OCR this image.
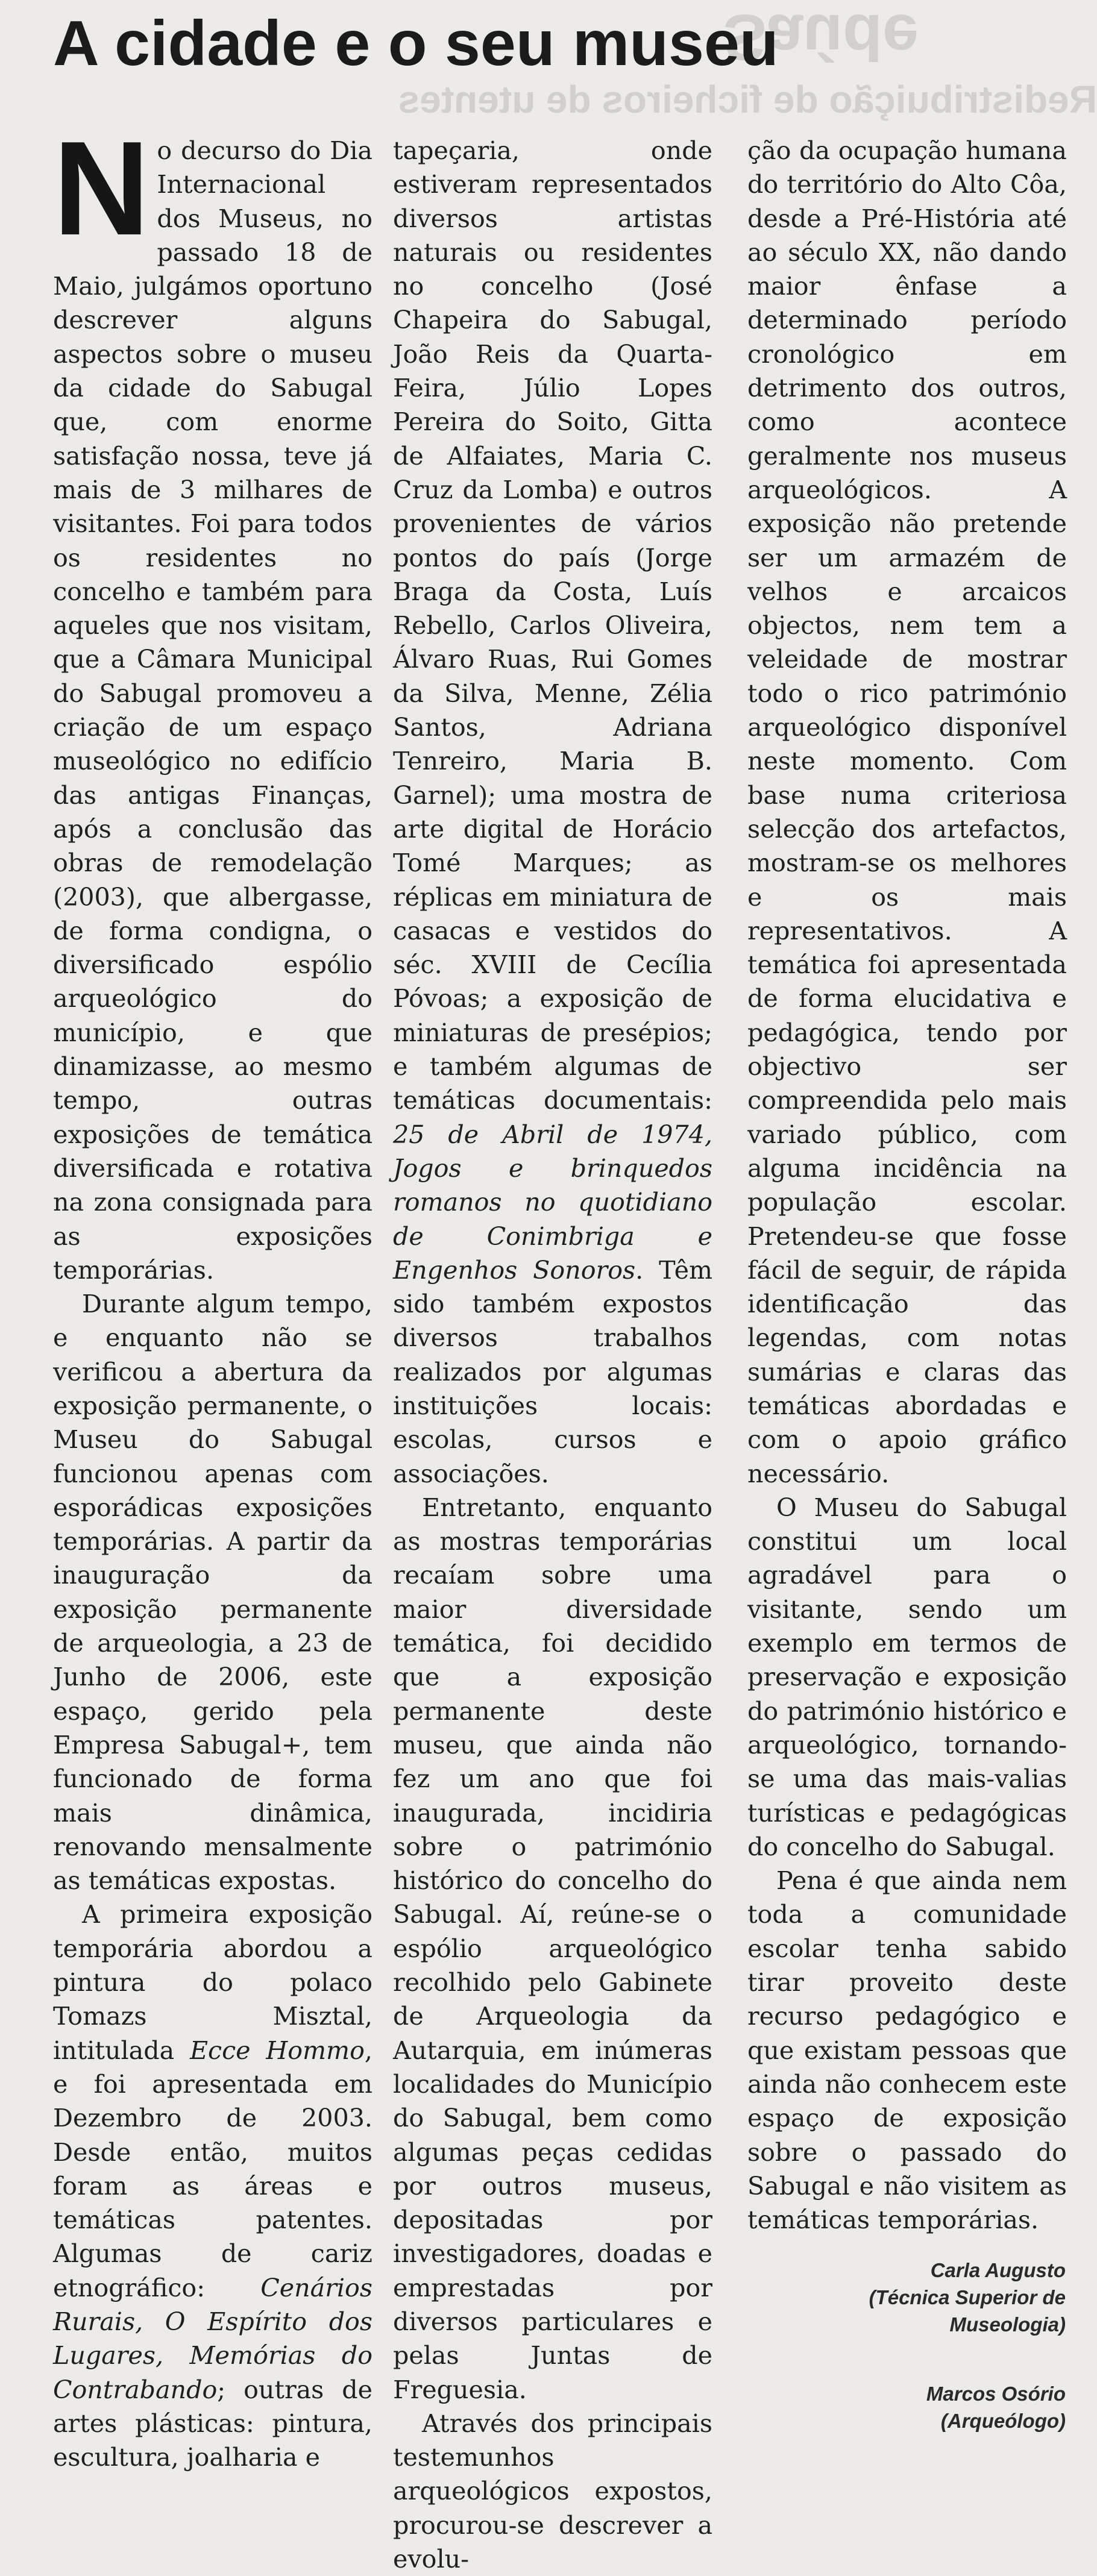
Saúde
Redistribuição de ficheiros de utentes
A cidade e o seu museu

No decurso do Dia Internacional dos Museus, no passado 18 de Maio, julgámos oportuno descrever alguns aspectos sobre o museu da cidade do Sabugal que, com enorme satisfação nossa, teve já mais de 3 milhares de visitantes. Foi para todos os residentes no concelho e também para aqueles que nos visitam, que a Câmara Municipal do Sabugal promoveu a criação de um espaço museológico no edifício das antigas Finanças, após a conclusão das obras de remodelação (2003), que albergasse, de forma condigna, o diversificado espólio arqueológico do município, e que dinamizasse, ao mesmo tempo, outras exposições de temática diversificada e rotativa na zona consignada para as exposições temporárias.

Durante algum tempo, e enquanto não se verificou a abertura da exposição permanente, o Museu do Sabugal funcionou apenas com esporádicas exposições temporárias. A partir da inauguração da exposição permanente de arqueologia, a 23 de Junho de 2006, este espaço, gerido pela Empresa Sabugal+, tem funcionado de forma mais dinâmica, renovando mensalmente as temáticas expostas.

A primeira exposição temporária abordou a pintura do polaco Tomazs Misztal, intitulada Ecce Hommo, e foi apresentada em Dezembro de 2003. Desde então, muitos foram as áreas e temáticas patentes. Algumas de cariz etnográfico: Cenários Rurais, O Espírito dos Lugares, Memórias do Contrabando; outras de artes plásticas: pintura, escultura, joalharia e

tapeçaria, onde estiveram representados diversos artistas naturais ou residentes no concelho (José Chapeira do Sabugal, João Reis da Quarta-Feira, Júlio Lopes Pereira do Soito, Gitta de Alfaiates, Maria C. Cruz da Lomba) e outros provenientes de vários pontos do país (Jorge Braga da Costa, Luís Rebello, Carlos Oliveira, Álvaro Ruas, Rui Gomes da Silva, Menne, Zélia Santos, Adriana Tenreiro, Maria B. Garnel); uma mostra de arte digital de Horácio Tomé Marques; as réplicas em miniatura de casacas e vestidos do séc. XVIII de Cecília Póvoas; a exposição de miniaturas de presépios; e também algumas de temáticas documentais: 25 de Abril de 1974, Jogos e brinquedos romanos no quotidiano de Conimbriga e Engenhos Sonoros. Têm sido também expostos diversos trabalhos realizados por algumas instituições locais: escolas, cursos e associações.

Entretanto, enquanto as mostras temporárias recaíam sobre uma maior diversidade temática, foi decidido que a exposição permanente deste museu, que ainda não fez um ano que foi inaugurada, incidiria sobre o património histórico do concelho do Sabugal. Aí, reúne-se o espólio arqueológico recolhido pelo Gabinete de Arqueologia da Autarquia, em inúmeras localidades do Município do Sabugal, bem como algumas peças cedidas por outros museus, depositadas por investigadores, doadas e emprestadas por diversos particulares e pelas Juntas de Freguesia.

Através dos principais testemunhos arqueológicos expostos, procurou-se descrever a evolu-

ção da ocupação humana do território do Alto Côa, desde a Pré-História até ao século XX, não dando maior ênfase a determinado período cronológico em detrimento dos outros, como acontece geralmente nos museus arqueológicos. A exposição não pretende ser um armazém de velhos e arcaicos objectos, nem tem a veleidade de mostrar todo o rico património arqueológico disponível neste momento. Com base numa criteriosa selecção dos artefactos, mostram-se os melhores e os mais representativos. A temática foi apresentada de forma elucidativa e pedagógica, tendo por objectivo ser compreendida pelo mais variado público, com alguma incidência na população escolar. Pretendeu-se que fosse fácil de seguir, de rápida identificação das legendas, com notas sumárias e claras das temáticas abordadas e com o apoio gráfico necessário.

O Museu do Sabugal constitui um local agradável para o visitante, sendo um exemplo em termos de preservação e exposição do património histórico e arqueológico, tornando-se uma das mais-valias turísticas e pedagógicas do concelho do Sabugal.

Pena é que ainda nem toda a comunidade escolar tenha sabido tirar proveito deste recurso pedagógico e que existam pessoas que ainda não conhecem este espaço de exposição sobre o passado do Sabugal e não visitem as temáticas temporárias.

Carla Augusto
(Técnica Superior de
Museologia)
Marcos Osório
(Arqueólogo)
